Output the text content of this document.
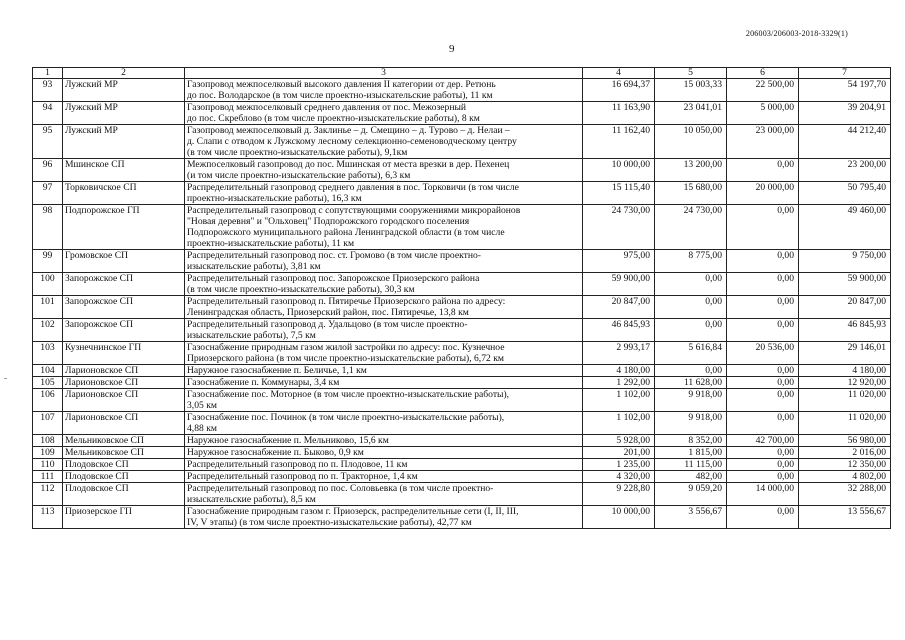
206003/206003-2018-3329(1)
9
1	2	3	4	5	6	7
93	Лужский МР	Газопровод межпоселковый высокого давления II категории от дер. Ретюнь
до пос. Володарское (в том числе проектно-изыскательские работы), 11 км	16 694,37	15 003,33	22 500,00	54 197,70
94	Лужский МР	Газопровод межпоселковый среднего давления от пос. Межозерный
до пос. Скреблово (в том числе проектно-изыскательские работы), 8 км	11 163,90	23 041,01	5 000,00	39 204,91
95	Лужский МР	Газопровод межпоселковый д. Заклинье – д. Смещино – д. Турово – д. Нелаи –
д. Слапи с отводом к Лужскому лесному селекционно-семеноводческому центру
(в том числе проектно-изыскательские работы), 9,1км	11 162,40	10 050,00	23 000,00	44 212,40
96	Мшинское СП	Межпоселковый газопровод до пос. Мшинская от места врезки в дер. Пехенец
(и том числе проектно-изыскательские работы), 6,3 км	10 000,00	13 200,00	0,00	23 200,00
97	Торковичское СП	Распределительный газопровод среднего давления в пос. Торковичи (в том числе
проектно-изыскательские работы), 16,3 км	15 115,40	15 680,00	20 000,00	50 795,40
98	Подпорожское ГП	Распределительный газопровод с сопутствующими сооружениями микрорайонов
"Новая деревня" и "Ольховец" Подпорожского городского поселения
Подпорожского муниципального района Ленинградской области (в том числе
проектно-изыскательские работы), 11 км	24 730,00	24 730,00	0,00	49 460,00
99	Громовское СП	Распределительный газопровод пос. ст. Громово (в том числе проектно-
изыскательские работы), 3,81 км	975,00	8 775,00	0,00	9 750,00
100	Запорожское СП	Распределительный газопровод пос. Запорожское Приозерского района
(в том числе проектно-изыскательские работы), 30,3 км	59 900,00	0,00	0,00	59 900,00
101	Запорожское СП	Распределительный газопровод п. Пятиречье Приозерского района по адресу:
Ленинградская область, Приозерский район, пос. Пятиречье, 13,8 км	20 847,00	0,00	0,00	20 847,00
102	Запорожское СП	Распределительный газопровод д. Удальцово (в том числе проектно-
изыскательские работы), 7,5 км	46 845,93	0,00	0,00	46 845,93
103	Кузнечнинское ГП	Газоснабжение природным газом жилой застройки по адресу: пос. Кузнечное
Приозерского района (в том числе проектно-изыскательские работы), 6,72 км	2 993,17	5 616,84	20 536,00	29 146,01
104	Ларионовское СП	Наружное газоснабжение п. Беличье, 1,1 км	4 180,00	0,00	0,00	4 180,00
105	Ларионовское СП	Газоснабжение п. Коммунары, 3,4 км	1 292,00	11 628,00	0,00	12 920,00
106	Ларионовское СП	Газоснабжение пос. Моторное (в том числе проектно-изыскательские работы),
3,05 км	1 102,00	9 918,00	0,00	11 020,00
107	Ларионовское СП	Газоснабжение пос. Починок (в том числе проектно-изыскательские работы),
4,88 км	1 102,00	9 918,00	0,00	11 020,00
108	Мельниковское СП	Наружное газоснабжение п. Мельниково, 15,6 км	5 928,00	8 352,00	42 700,00	56 980,00
109	Мельниковское СП	Наружное газоснабжение п. Быково, 0,9 км	201,00	1 815,00	0,00	2 016,00
110	Плодовское СП	Распределительный газопровод по п. Плодовое, 11 км	1 235,00	11 115,00	0,00	12 350,00
111	Плодовское СП	Распределительный газопровод по п. Тракторное, 1,4 км	4 320,00	482,00	0,00	4 802,00
112	Плодовское СП	Распределительный газопровод по пос. Соловьевка (в том числе проектно-
изыскательские работы), 8,5 км	9 228,80	9 059,20	14 000,00	32 288,00
113	Приозерское ГП	Газоснабжение природным газом г. Приозерск, распределительные сети (I, II, III,
IV, V этапы) (в том числе проектно-изыскательские работы), 42,77 км	10 000,00	3 556,67	0,00	13 556,67
